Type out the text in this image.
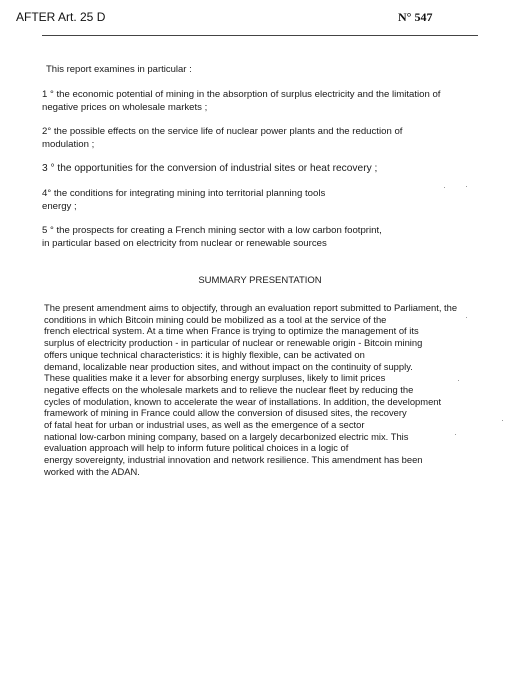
AFTER Art. 25 D	N° 547
This report examines in particular :
1 ° the economic potential of mining in the absorption of surplus electricity and the limitation of
negative prices on wholesale markets ;
2° the possible effects on the service life of nuclear power plants and the reduction of
modulation ;
3 ° the opportunities for the conversion of industrial sites or heat recovery ;
4° the conditions for integrating mining into territorial planning tools
energy ;
5 ° the prospects for creating a French mining sector with a low carbon footprint,
in particular based on electricity from nuclear or renewable sources
SUMMARY PRESENTATION
The present amendment aims to objectify, through an evaluation report submitted to Parliament, the
conditions in which Bitcoin mining could be mobilized as a tool at the service of the
french electrical system. At a time when France is trying to optimize the management of its
surplus of electricity production - in particular of nuclear or renewable origin - Bitcoin mining
offers unique technical characteristics: it is highly flexible, can be activated on
demand, localizable near production sites, and without impact on the continuity of supply.
These qualities make it a lever for absorbing energy surpluses, likely to limit prices
negative effects on the wholesale markets and to relieve the nuclear fleet by reducing the
cycles of modulation, known to accelerate the wear of installations. In addition, the development
framework of mining in France could allow the conversion of disused sites, the recovery
of fatal heat for urban or industrial uses, as well as the emergence of a sector
national low-carbon mining company, based on a largely decarbonized electric mix. This
evaluation approach will help to inform future political choices in a logic of
energy sovereignty, industrial innovation and network resilience. This amendment has been
worked with the ADAN.
